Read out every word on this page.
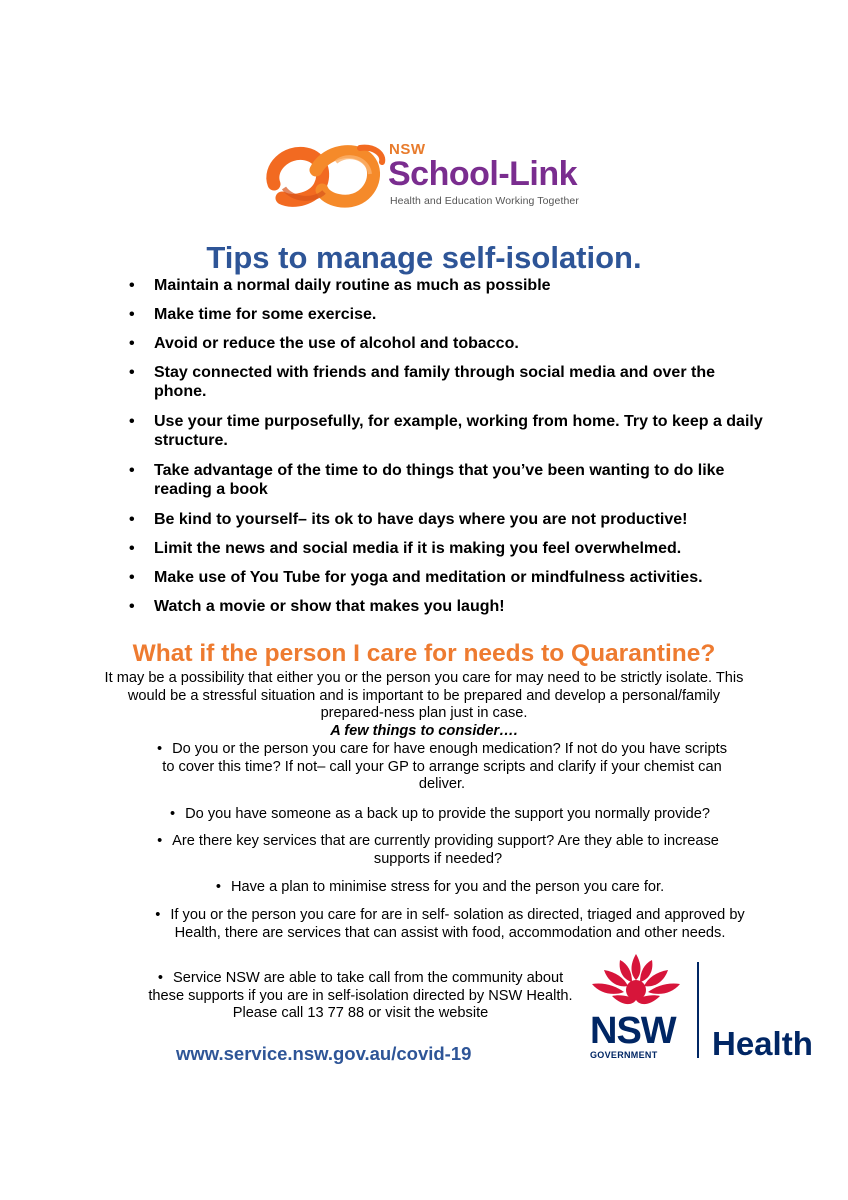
NSW
School-Link
Health and Education Working Together
Tips to manage self-isolation.
• Maintain a normal daily routine as much as possible
• Make time for some exercise.
• Avoid or reduce the use of alcohol and tobacco.
• Stay connected with friends and family through social media and over the phone.
• Use your time purposefully, for example, working from home. Try to keep a daily structure.
• Take advantage of the time to do things that you’ve been wanting to do like reading a book
• Be kind to yourself– its ok to have days where you are not productive!
• Limit the news and social media if it is making you feel overwhelmed.
• Make use of You Tube for yoga and meditation or mindfulness activities.
• Watch a movie or show that makes you laugh!
What if the person I care for needs to Quarantine?

It may be a possibility that either you or the person you care for may need to be strictly isolate. This would be a stressful situation and is important to be prepared and develop a personal/family prepared-ness plan just in case.

A few things to consider….

• Do you or the person you care for have enough medication? If not do you have scripts to cover this time? If not– call your GP to arrange scripts and clarify if your chemist can deliver.

• Do you have someone as a back up to provide the support you normally provide?

• Are there key services that are currently providing support? Are they able to increase supports if needed?

• Have a plan to minimise stress for you and the person you care for.

• If you or the person you care for are in self- solation as directed, triaged and approved by Health, there are services that can assist with food, accommodation and other needs.

• Service NSW are able to take call from the community about these supports if you are in self-isolation directed by NSW Health. Please call 13 77 88 or visit the website

www.service.nsw.gov.au/covid-19

NSW
GOVERNMENT Health
